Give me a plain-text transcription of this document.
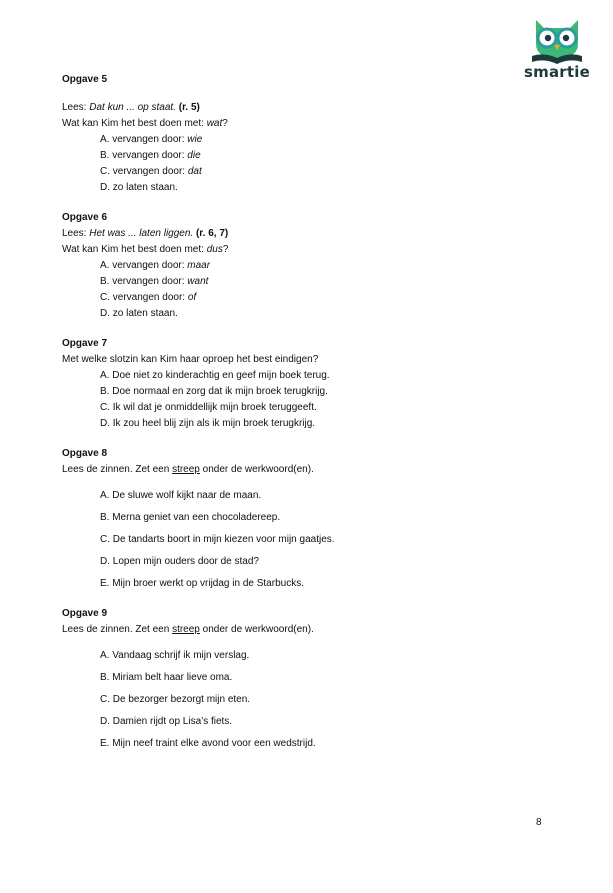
smartie
Opgave 5
Lees: Dat kun ... op staat. (r. 5)
Wat kan Kim het best doen met: wat?
A. vervangen door: wie
B. vervangen door: die
C. vervangen door: dat
D. zo laten staan.
Opgave 6
Lees: Het was ... laten liggen. (r. 6, 7)
Wat kan Kim het best doen met: dus?
A. vervangen door: maar
B. vervangen door: want
C. vervangen door: of
D. zo laten staan.
Opgave 7
Met welke slotzin kan Kim haar oproep het best eindigen?
A. Doe niet zo kinderachtig en geef mijn boek terug.
B. Doe normaal en zorg dat ik mijn broek terugkrijg.
C. Ik wil dat je onmiddellijk mijn broek teruggeeft.
D. Ik zou heel blij zijn als ik mijn broek terugkrijg.
Opgave 8
Lees de zinnen. Zet een streep onder de werkwoord(en).
A. De sluwe wolf kijkt naar de maan.
B. Merna geniet van een chocoladereep.
C. De tandarts boort in mijn kiezen voor mijn gaatjes.
D. Lopen mijn ouders door de stad?
E. Mijn broer werkt op vrijdag in de Starbucks.
Opgave 9
Lees de zinnen. Zet een streep onder de werkwoord(en).
A. Vandaag schrijf ik mijn verslag.
B. Miriam belt haar lieve oma.
C. De bezorger bezorgt mijn eten.
D. Damien rijdt op Lisa’s fiets.
E. Mijn neef traint elke avond voor een wedstrijd.
8
